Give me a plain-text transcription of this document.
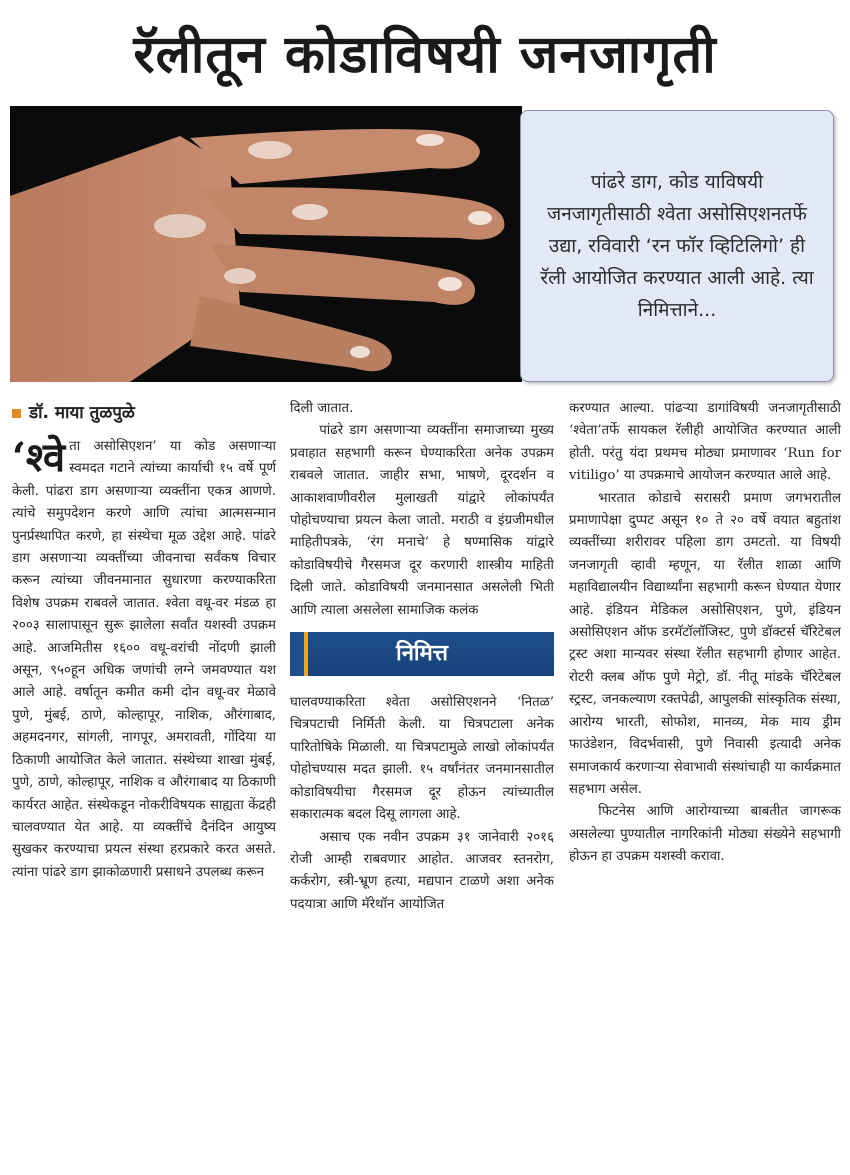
रॅलीतून कोडाविषयी जनजागृती

पांढरे डाग, कोड याविषयी जनजागृतीसाठी श्‍वेता असोसिएशनतर्फे उद्या, रविवारी ‘रन फॉर व्हिटिलिगो’ ही रॅली आयोजित करण्यात आली आहे. त्या निमित्ताने...

डॉ. माया तुळपुळे

‘श्‍वे ता असोसिएशन’ या कोड असणाऱ्या स्वमदत गटाने त्यांच्या कार्याची १५ वर्षे पूर्ण केली. पांढरा डाग असणाऱ्या व्यक्तींना एकत्र आणणे. त्यांचे समुपदेशन करणे आणि त्यांचा आत्मसन्मान पुनर्प्रस्थापित करणे, हा संस्थेचा मूळ उद्देश आहे. पांढरे डाग असणाऱ्या व्यक्तींच्या जीवनाचा सर्वंकष विचार करून त्यांच्या जीवनमानात सुधारणा करण्याकरिता विशेष उपक्रम राबवले जातात. श्‍वेता वधू-वर मंडळ हा २००३ सालापासून सुरू झालेला सर्वांत यशस्वी उपक्रम आहे. आजमितीस १६०० वधू-वरांची नोंदणी झाली असून, ९५०हून अधिक जणांची लग्ने जमवण्यात यश आले आहे. वर्षातून कमीत कमी दोन वधू-वर मेळावे पुणे, मुंबई, ठाणे, कोल्हापूर, नाशिक, औरंगाबाद, अहमदनगर, सांगली, नागपूर, अमरावती, गोंदिया या ठिकाणी आयोजित केले जातात. संस्थेच्या शाखा मुंबई, पुणे, ठाणे, कोल्हापूर, नाशिक व औरंगाबाद या ठिकाणी कार्यरत आहेत. संस्थेकडून नोकरीविषयक साह्यता केंद्रही चालवण्यात येत आहे. या व्यक्तींचे दैनंदिन आयुष्य सुखकर करण्याचा प्रयत्न संस्था हरप्रकारे करत असते. त्यांना पांढरे डाग झाकोळणारी प्रसाधने उपलब्ध करून

दिली जातात.

पांढरे डाग असणाऱ्या व्यक्तींना समाजाच्या मुख्य प्रवाहात सहभागी करून घेण्याकरिता अनेक उपक्रम राबवले जातात. जाहीर सभा, भाषणे, दूरदर्शन व आकाशवाणीवरील मुलाखती यांद्वारे लोकांपर्यंत पोहोचण्याचा प्रयत्न केला जातो. मराठी व इंग्रजीमधील माहितीपत्रके, ‘रंग मनाचे’ हे षण्मासिक यांद्वारे कोडाविषयीचे गैरसमज दूर करणारी शास्त्रीय माहिती दिली जाते. कोडाविषयी जनमानसात असलेली भिती आणि त्याला असलेला सामाजिक कलंक

निमित्त

घालवण्याकरिता श्‍वेता असोसिएशनने ‘नितळ’ चित्रपटाची निर्मिती केली. या चित्रपटाला अनेक पारितोषिके मिळाली. या चित्रपटामुळे लाखो लोकांपर्यंत पोहोचण्यास मदत झाली. १५ वर्षांनंतर जनमानसातील कोडाविषयीचा गैरसमज दूर होऊन त्यांच्यातील सकारात्मक बदल दिसू लागला आहे.

असाच एक नवीन उपक्रम ३१ जानेवारी २०१६ रोजी आम्ही राबवणार आहोत. आजवर स्तनरोग, कर्करोग, स्त्री-भ्रूण हत्या, मद्यपान टाळणे अशा अनेक पदयात्रा आणि मॅरेथॉन आयोजित

करण्यात आल्या. पांढऱ्या डागांविषयी जनजागृतीसाठी ‘श्‍वेता’तर्फे सायकल रॅलीही आयोजित करण्यात आली होती. परंतु यंदा प्रथमच मोठ्या प्रमाणावर ‘Run for vitiligo’ या उपक्रमाचे आयोजन करण्यात आले आहे.

भारतात कोडाचे सरासरी प्रमाण जगभरातील प्रमाणापेक्षा दुप्पट असून १० ते २० वर्षे वयात बहुतांश व्यक्तींच्या शरीरावर पहिला डाग उमटतो. या विषयी जनजागृती व्हावी म्हणून, या रॅलीत शाळा आणि महाविद्यालयीन विद्यार्थ्यांना सहभागी करून घेण्यात येणार आहे. इंडियन मेडिकल असोसिएशन, पुणे, इंडियन असोसिएशन ऑफ डरमॅटॉलॉजिस्ट, पुणे डॉक्टर्स चॅरिटेबल ट्रस्ट अशा मान्यवर संस्था रॅलीत सहभागी होणार आहेत. रोटरी क्लब ऑफ पुणे मेट्रो, डॉ. नीतू मांडके चॅरिटेबल स्ट्रस्ट, जनकल्याण रक्तपेढी, आपुलकी सांस्कृतिक संस्था, आरोग्य भारती, सोफोश, मानव्य, मेक माय ड्रीम फाउंडेशन, विदर्भवासी, पुणे निवासी इत्यादी अनेक समाजकार्य करणाऱ्या सेवाभावी संस्थांचाही या कार्यक्रमात सहभाग असेल.

फिटनेस आणि आरोग्याच्या बाबतीत जागरूक असलेल्या पुण्यातील नागरिकांनी मोठ्या संख्येने सहभागी होऊन हा उपक्रम यशस्वी करावा.
